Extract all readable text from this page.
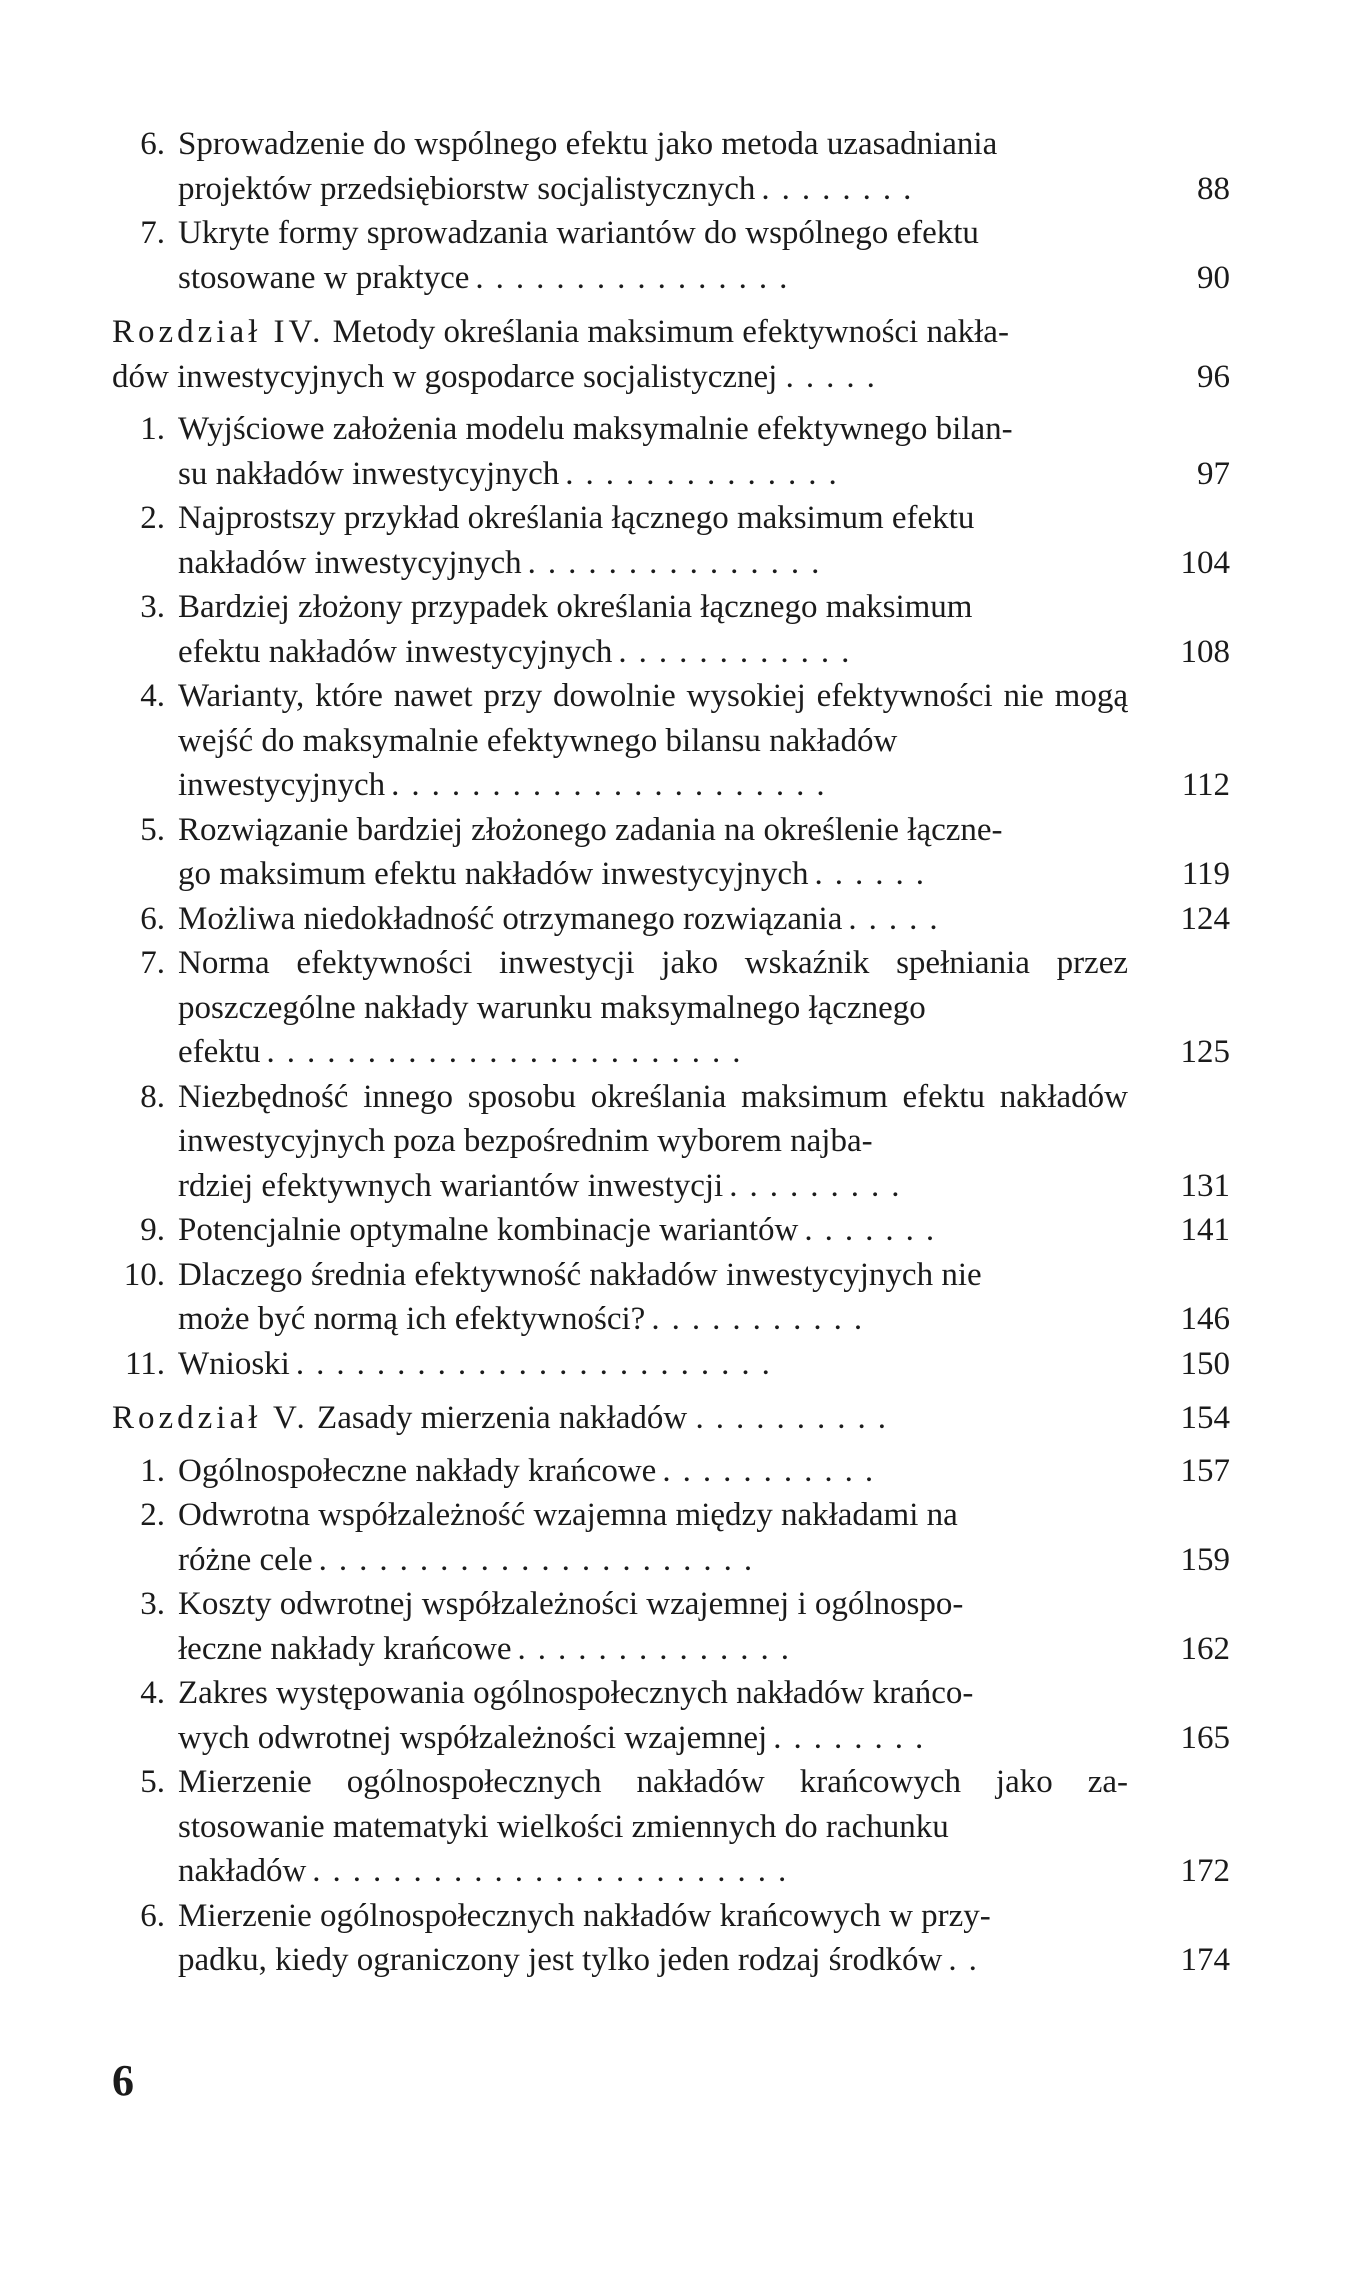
6. Sprowadzenie do wspólnego efektu jako metoda uzasadniania
projektów przedsiębiorstw socjalistycznych ........	88
7. Ukryte formy sprowadzania wariantów do wspólnego efektu
stosowane w praktyce ................	90
Rozdział IV. Metody określania maksimum efektywności nakła-
dów inwestycyjnych w gospodarce socjalistycznej .....	96
1. Wyjściowe założenia modelu maksymalnie efektywnego bilan-
su nakładów inwestycyjnych ..............	97
2. Najprostszy przykład określania łącznego maksimum efektu
nakładów inwestycyjnych ...............	104
3. Bardziej złożony przypadek określania łącznego maksimum
efektu nakładów inwestycyjnych ............	108
4. Warianty, które nawet przy dowolnie wysokiej efektywności nie mogą wejść do maksymalnie efektywnego bilansu nakładów
inwestycyjnych ......................	112
5. Rozwiązanie bardziej złożonego zadania na określenie łączne-
go maksimum efektu nakładów inwestycyjnych ......	119
6. Możliwa niedokładność otrzymanego rozwiązania .....	124
7. Norma efektywności inwestycji jako wskaźnik spełniania przez poszczególne nakłady warunku maksymalnego łącznego
efektu ........................	125
8. Niezbędność innego sposobu określania maksimum efektu nakładów inwestycyjnych poza bezpośrednim wyborem najba-
rdziej efektywnych wariantów inwestycji .........	131
9. Potencjalnie optymalne kombinacje wariantów .......	141
10. Dlaczego średnia efektywność nakładów inwestycyjnych nie
może być normą ich efektywności? ...........	146
11. Wnioski ........................	150
Rozdział V. Zasady mierzenia nakładów ..........	154
1. Ogólnospołeczne nakłady krańcowe ...........	157
2. Odwrotna współzależność wzajemna między nakładami na
różne cele ......................	159
3. Koszty odwrotnej współzależności wzajemnej i ogólnospo-
łeczne nakłady krańcowe ..............	162
4. Zakres występowania ogólnospołecznych nakładów krańco-
wych odwrotnej współzależności wzajemnej ........	165
5. Mierzenie ogólnospołecznych nakładów krańcowych jako za- stosowanie matematyki wielkości zmiennych do rachunku
nakładów ........................	172
6. Mierzenie ogólnospołecznych nakładów krańcowych w przy-
padku, kiedy ograniczony jest tylko jeden rodzaj środków ..	174
6
